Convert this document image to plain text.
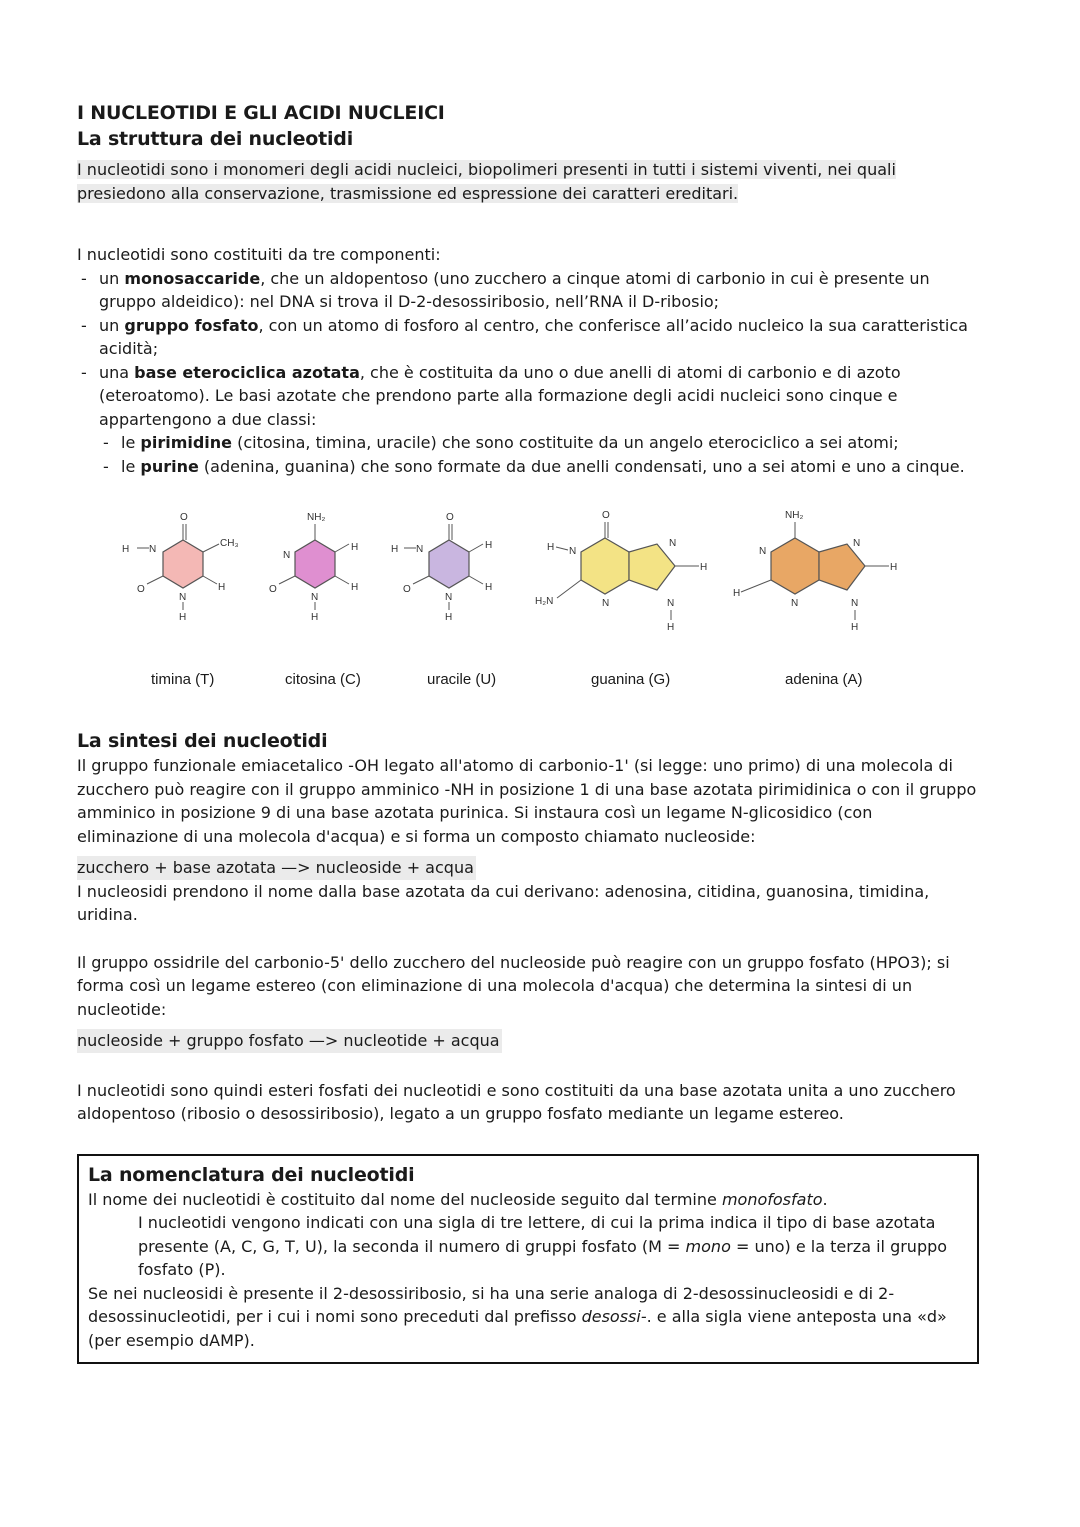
I NUCLEOTIDI E GLI ACIDI NUCLEICI
La struttura dei nucleotidi

I nucleotidi sono i monomeri degli acidi nucleici, biopolimeri presenti in tutti i sistemi viventi, nei quali presiedono alla conservazione, trasmissione ed espressione dei caratteri ereditari.

I nucleotidi sono costituiti da tre componenti:

- un monosaccaride, che un aldopentoso (uno zucchero a cinque atomi di carbonio in cui è presente un gruppo aldeidico): nel DNA si trova il D-2-desossiribosio, nell’RNA il D-ribosio;
- un gruppo fosfato, con un atomo di fosforo al centro, che conferisce all’acido nucleico la sua caratteristica acidità;
- una base eterociclica azotata, che è costituita da uno o due anelli di atomi di carbonio e di azoto (eteroatomo). Le basi azotate che prendono parte alla formazione degli acidi nucleici sono cinque e appartengono a due classi:
- le pirimidine (citosina, timina, uracile) che sono costituite da un angelo eterociclico a sei atomi;
- le purine (adenina, guanina) che sono formate da due anelli condensati, uno a sei atomi e uno a cinque.
O
N
H
CH₃
H
O
N
H
NH₂
N
H
H
O
N
H
O
N
H	H
H
O
N
H
O
N
H
H₂N	N
N
H
N
H
NH₂
N
H
N
N
H
N
H
timina (T)	citosina (C)	uracile (U)	guanina (G)	adenina (A)
La sintesi dei nucleotidi

Il gruppo funzionale emiacetalico -OH legato all'atomo di carbonio-1' (si legge: uno primo) di una molecola di zucchero può reagire con il gruppo amminico -NH in posizione 1 di una base azotata pirimidinica o con il gruppo amminico in posizione 9 di una base azotata purinica. Si instaura così un legame N-glicosidico (con eliminazione di una molecola d'acqua) e si forma un composto chiamato nucleoside:

zucchero + base azotata —> nucleoside + acqua

I nucleosidi prendono il nome dalla base azotata da cui derivano: adenosina, citidina, guanosina, timidina, uridina.

Il gruppo ossidrile del carbonio-5' dello zucchero del nucleoside può reagire con un gruppo fosfato (HPO3); si forma così un legame estereo (con eliminazione di una molecola d'acqua) che determina la sintesi di un nucleotide:

nucleoside + gruppo fosfato —> nucleotide + acqua

I nucleotidi sono quindi esteri fosfati dei nucleotidi e sono costituiti da una base azotata unita a uno zucchero aldopentoso (ribosio o desossiribosio), legato a un gruppo fosfato mediante un legame estereo.

La nomenclatura dei nucleotidi

Il nome dei nucleotidi è costituito dal nome del nucleoside seguito dal termine monofosfato.

I nucleotidi vengono indicati con una sigla di tre lettere, di cui la prima indica il tipo di base azotata presente (A, C, G, T, U), la seconda il numero di gruppi fosfato (M = mono = uno) e la terza il gruppo fosfato (P).

Se nei nucleosidi è presente il 2-desossiribosio, si ha una serie analoga di 2-desossinucleosidi e di 2-desossinucleotidi, per i cui i nomi sono preceduti dal prefisso desossi-. e alla sigla viene anteposta una «d» (per esempio dAMP).
